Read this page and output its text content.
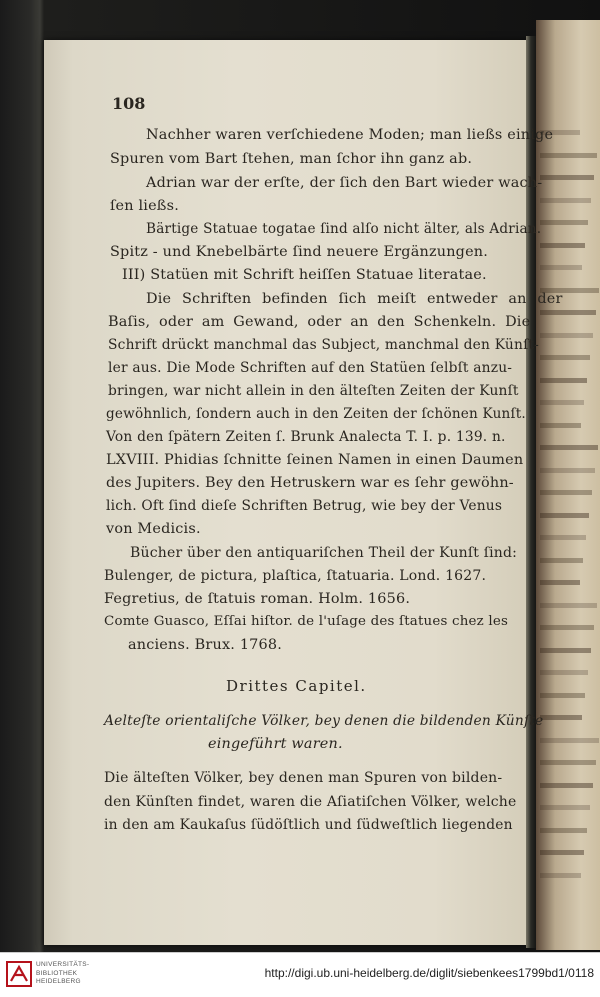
108
Nachher waren verſchiedene Moden; man ließs einige
Spuren vom Bart ſtehen, man ſchor ihn ganz ab.
Adrian war der erſte, der ſich den Bart wieder wach-
ſen ließs.
Bärtige Statuae togatae ſind alſo nicht älter, als Adrian.
Spitz - und Knebelbärte ſind neuere Ergänzungen.
III) Statüen mit Schrift heiſſen Statuae literatae.
Die Schriften befinden ſich meiſt entweder an der
Baſis, oder am Gewand, oder an den Schenkeln. Die
Schrift drückt manchmal das Subject, manchmal den Künſt-
ler aus. Die Mode Schriften auf den Statüen ſelbſt anzu-
bringen, war nicht allein in den älteſten Zeiten der Kunſt
gewöhnlich, ſondern auch in den Zeiten der ſchönen Kunſt.
Von den ſpätern Zeiten ſ. Brunk Analecta T. I. p. 139. n.
LXVIII. Phidias ſchnitte ſeinen Namen in einen Daumen
des Jupiters. Bey den Hetruskern war es ſehr gewöhn-
lich. Oft ſind dieſe Schriften Betrug, wie bey der Venus
von Medicis.
Bücher über den antiquariſchen Theil der Kunſt ſind:
Bulenger, de pictura, plaſtica, ſtatuaria. Lond. 1627.
Fegretius, de ſtatuis roman. Holm. 1656.
Comte Guasco, Eſſai hiſtor. de l'uſage des ſtatues chez les
anciens. Brux. 1768.
Drittes Capitel.
Aelteſte orientaliſche Völker, bey denen die bildenden Künſte
eingeführt waren.
Die älteſten Völker, bey denen man Spuren von bilden-
den Künſten findet, waren die Aſiatiſchen Völker, welche
in den am Kaukaſus ſüdöſtlich und ſüdweſtlich liegenden
UNIVERSITÄTS-
BIBLIOTHEK
HEIDELBERG
http://digi.ub.uni-heidelberg.de/diglit/siebenkees1799bd1/0118
